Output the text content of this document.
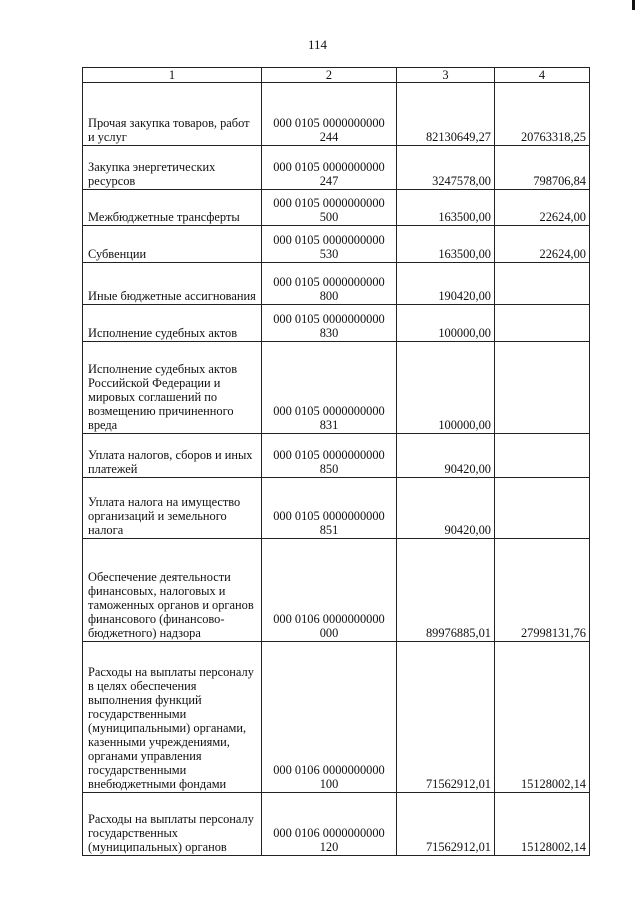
114
1	2	3	4
Прочая закупка товаров, работ и услуг	000 0105 0000000000 244	82130649,27	20763318,25
Закупка энергетических ресурсов	000 0105 0000000000 247	3247578,00	798706,84
Межбюджетные трансферты	000 0105 0000000000 500	163500,00	22624,00
Субвенции	000 0105 0000000000 530	163500,00	22624,00
Иные бюджетные ассигнования	000 0105 0000000000 800	190420,00	
Исполнение судебных актов	000 0105 0000000000 830	100000,00	
Исполнение судебных актов Российской Федерации и мировых соглашений по возмещению причиненного вреда	000 0105 0000000000 831	100000,00	
Уплата налогов, сборов и иных платежей	000 0105 0000000000 850	90420,00	
Уплата налога на имущество организаций и земельного налога	000 0105 0000000000 851	90420,00	
Обеспечение деятельности финансовых, налоговых и таможенных органов и органов финансового (финансово-бюджетного) надзора	000 0106 0000000000 000	89976885,01	27998131,76
Расходы на выплаты персоналу в целях обеспечения выполнения функций государственными (муниципальными) органами, казенными учреждениями, органами управления государственными внебюджетными фондами	000 0106 0000000000 100	71562912,01	15128002,14
Расходы на выплаты персоналу государственных (муниципальных) органов	000 0106 0000000000 120	71562912,01	15128002,14
